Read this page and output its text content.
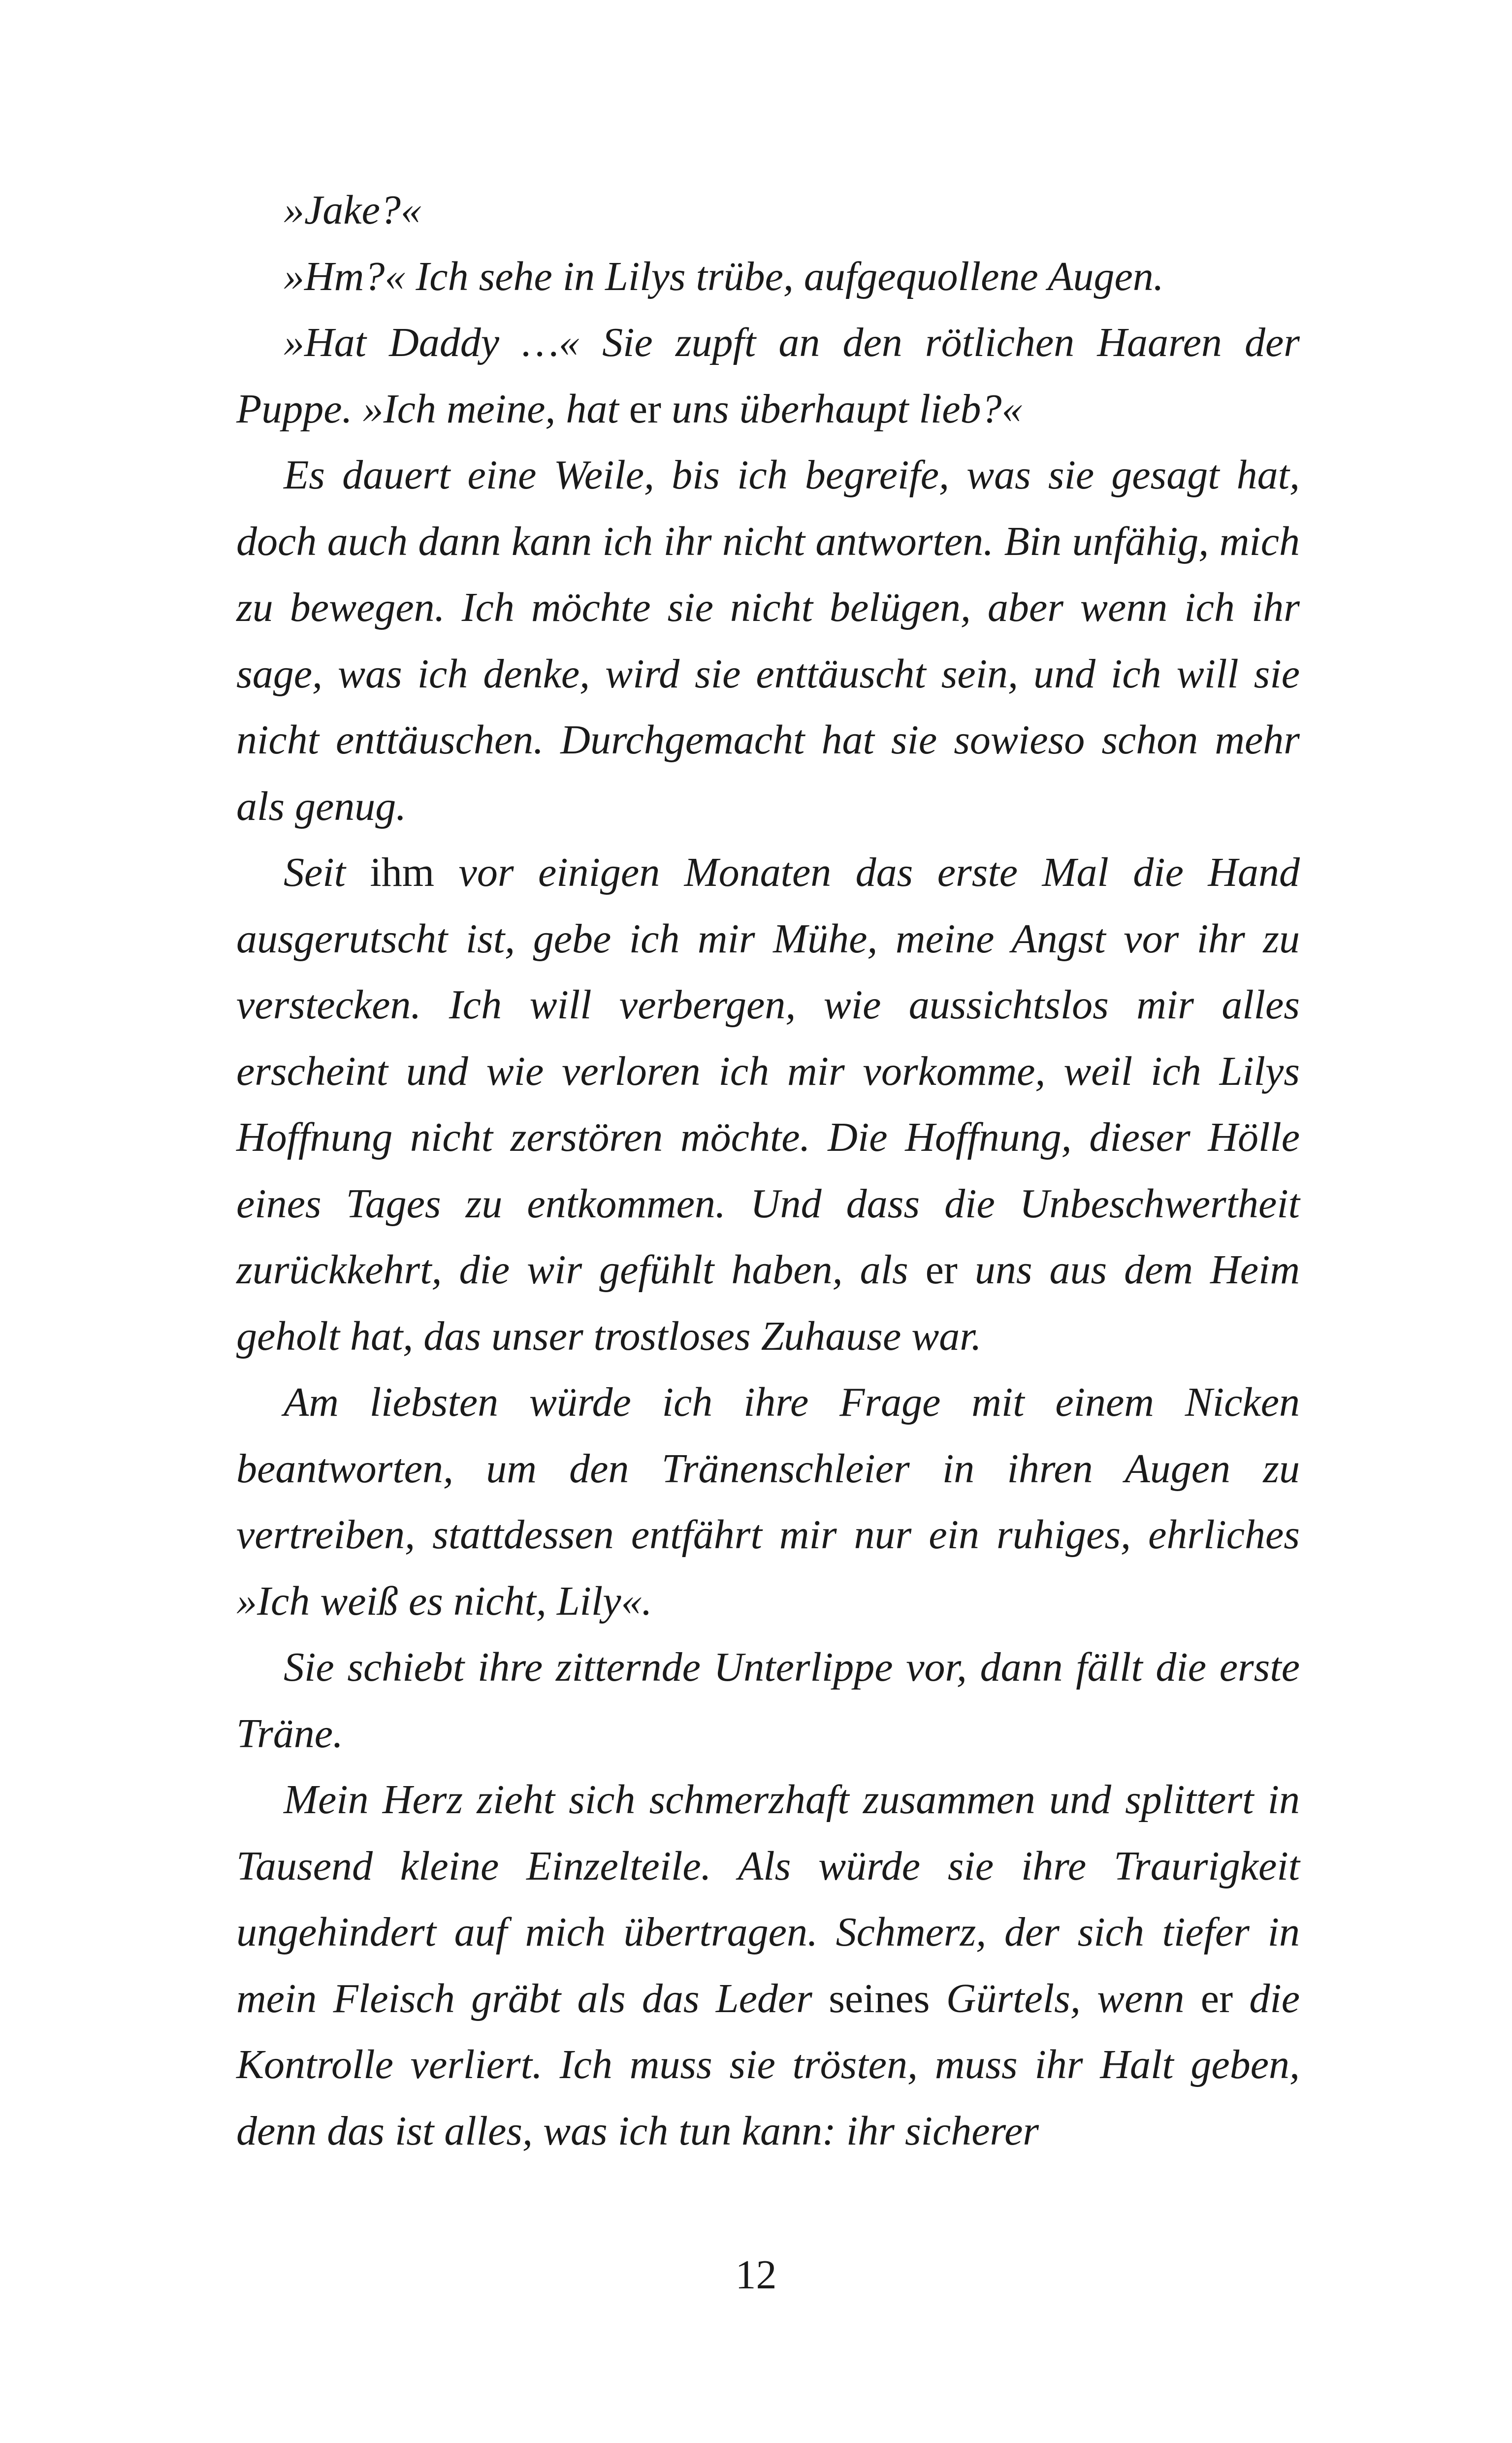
»Jake?«

»Hm?« Ich sehe in Lilys trübe, aufgequollene Augen.

»Hat Daddy …« Sie zupft an den rötlichen Haaren der Puppe. »Ich meine, hat er uns überhaupt lieb?«

Es dauert eine Weile, bis ich begreife, was sie gesagt hat, doch auch dann kann ich ihr nicht antworten. Bin unfähig, mich zu bewegen. Ich möchte sie nicht belügen, aber wenn ich ihr sage, was ich denke, wird sie enttäuscht sein, und ich will sie nicht enttäuschen. Durchgemacht hat sie sowieso schon mehr als genug.

Seit ihm vor einigen Monaten das erste Mal die Hand ausgerutscht ist, gebe ich mir Mühe, meine Angst vor ihr zu verstecken. Ich will verbergen, wie aussichtslos mir alles erscheint und wie verloren ich mir vorkomme, weil ich Lilys Hoffnung nicht zerstören möchte. Die Hoffnung, dieser Hölle eines Tages zu entkommen. Und dass die Unbeschwertheit zurückkehrt, die wir gefühlt haben, als er uns aus dem Heim geholt hat, das unser trostloses Zuhause war.

Am liebsten würde ich ihre Frage mit einem Nicken beantworten, um den Tränenschleier in ihren Augen zu vertreiben, stattdessen entfährt mir nur ein ruhiges, ehrliches »Ich weiß es nicht, Lily«.

Sie schiebt ihre zitternde Unterlippe vor, dann fällt die erste Träne.

Mein Herz zieht sich schmerzhaft zusammen und splittert in Tausend kleine Einzelteile. Als würde sie ihre Traurigkeit ungehindert auf mich übertragen. Schmerz, der sich tiefer in mein Fleisch gräbt als das Leder seines Gürtels, wenn er die Kontrolle verliert. Ich muss sie trösten, muss ihr Halt geben, denn das ist alles, was ich tun kann: ihr sicherer

12
